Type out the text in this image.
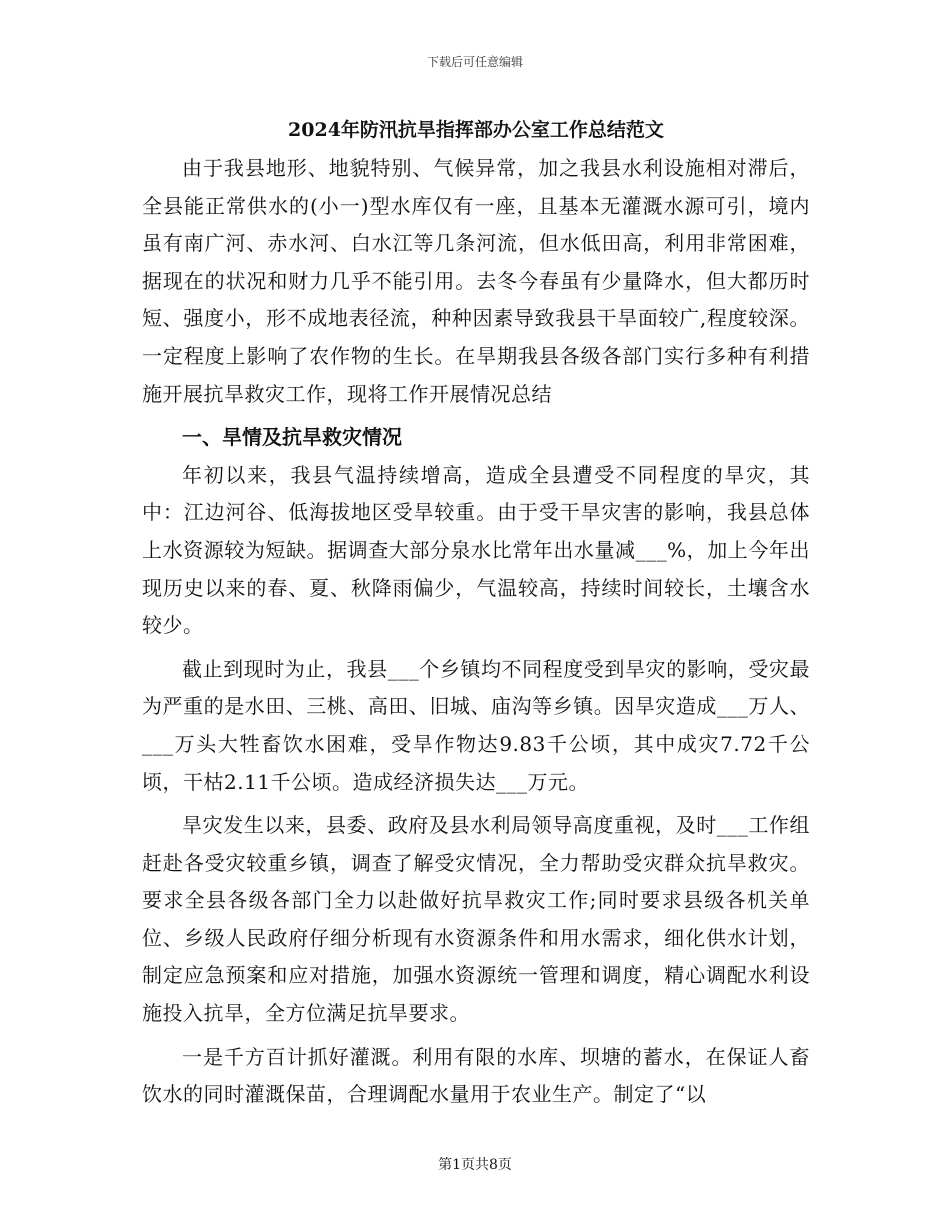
下载后可任意编辑
2024年防汛抗旱指挥部办公室工作总结范文

由于我县地形、地貌特别、气候异常，加之我县水利设施相对滞后，全县能正常供水的(小一)型水库仅有一座，且基本无灌溉水源可引，境内虽有南广河、赤水河、白水江等几条河流，但水低田高，利用非常困难，据现在的状况和财力几乎不能引用。去冬今春虽有少量降水，但大都历时短、强度小，形不成地表径流，种种因素导致我县干旱面较广,程度较深。一定程度上影响了农作物的生长。在旱期我县各级各部门实行多种有利措施开展抗旱救灾工作，现将工作开展情况总结

一、旱情及抗旱救灾情况

年初以来，我县气温持续增高，造成全县遭受不同程度的旱灾，其中：江边河谷、低海拔地区受旱较重。由于受干旱灾害的影响，我县总体上水资源较为短缺。据调查大部分泉水比常年出水量减___%，加上今年出现历史以来的春、夏、秋降雨偏少，气温较高，持续时间较长，土壤含水较少。

截止到现时为止，我县___个乡镇均不同程度受到旱灾的影响，受灾最为严重的是水田、三桃、高田、旧城、庙沟等乡镇。因旱灾造成___万人、___万头大牲畜饮水困难，受旱作物达9.83千公顷，其中成灾7.72千公顷，干枯2.11千公顷。造成经济损失达___万元。

旱灾发生以来，县委、政府及县水利局领导高度重视，及时___工作组赶赴各受灾较重乡镇，调查了解受灾情况，全力帮助受灾群众抗旱救灾。要求全县各级各部门全力以赴做好抗旱救灾工作;同时要求县级各机关单位、乡级人民政府仔细分析现有水资源条件和用水需求，细化供水计划，制定应急预案和应对措施，加强水资源统一管理和调度，精心调配水利设施投入抗旱，全方位满足抗旱要求。

一是千方百计抓好灌溉。利用有限的水库、坝塘的蓄水，在保证人畜饮水的同时灌溉保苗，合理调配水量用于农业生产。制定了“以

第1页共8页
